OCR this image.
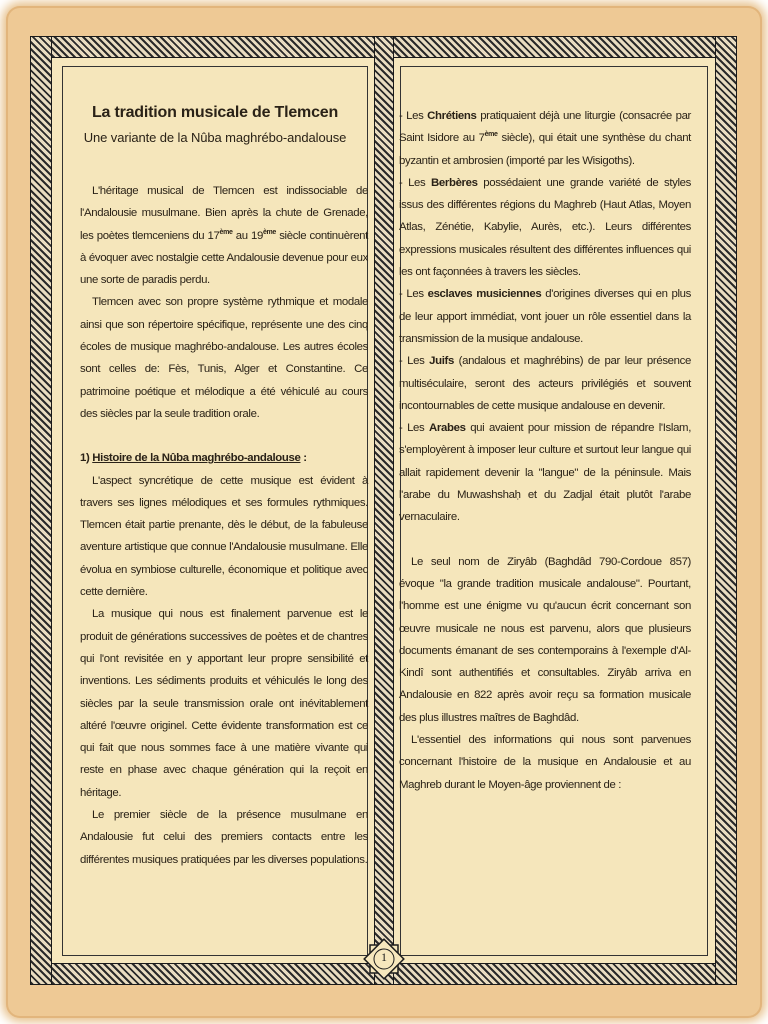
La tradition musicale de Tlemcen
Une variante de la Nûba maghrébo-andalouse

L'héritage musical de Tlemcen est indissociable de l'Andalousie musulmane. Bien après la chute de Grenade, les poètes tlemceniens du 17ème au 19ème siècle continuèrent à évoquer avec nostalgie cette Andalousie devenue pour eux une sorte de paradis perdu.

Tlemcen avec son propre système rythmique et modale ainsi que son répertoire spécifique, représente une des cinq écoles de musique maghrébo-andalouse. Les autres écoles sont celles de: Fès, Tunis, Alger et Constantine. Ce patrimoine poétique et mélodique a été véhiculé au cours des siècles par la seule tradition orale.

1) Histoire de la Nûba maghrébo-andalouse :

L'aspect syncrétique de cette musique est évident à travers ses lignes mélodiques et ses formules rythmiques. Tlemcen était partie prenante, dès le début, de la fabuleuse aventure artistique que connue l'Andalousie musulmane. Elle évolua en symbiose culturelle, économique et politique avec cette dernière.

La musique qui nous est finalement parvenue est le produit de générations successives de poètes et de chantres qui l'ont revisitée en y apportant leur propre sensibilité et inventions. Les sédiments produits et véhiculés le long des siècles par la seule transmission orale ont inévitablement altéré l'œuvre originel. Cette évidente transformation est ce qui fait que nous sommes face à une matière vivante qui reste en phase avec chaque génération qui la reçoit en héritage.

Le premier siècle de la présence musulmane en Andalousie fut celui des premiers contacts entre les différentes musiques pratiquées par les diverses populations.

- Les Chrétiens pratiquaient déjà une liturgie (consacrée par Saint Isidore au 7ème siècle), qui était une synthèse du chant byzantin et ambrosien (importé par les Wisigoths).

- Les Berbères possédaient une grande variété de styles issus des différentes régions du Maghreb (Haut Atlas, Moyen Atlas, Zénétie, Kabylie, Aurès, etc.). Leurs différentes expressions musicales résultent des différentes influences qui les ont façonnées à travers les siècles.

- Les esclaves musiciennes d'origines diverses qui en plus de leur apport immédiat, vont jouer un rôle essentiel dans la transmission de la musique andalouse.

- Les Juifs (andalous et maghrébins) de par leur présence multiséculaire, seront des acteurs privilégiés et souvent incontournables de cette musique andalouse en devenir.

- Les Arabes qui avaient pour mission de répandre l'Islam, s'employèrent à imposer leur culture et surtout leur langue qui allait rapidement devenir la "langue" de la péninsule. Mais l'arabe du Muwashshaḥ et du Zadjal était plutôt l'arabe vernaculaire.

Le seul nom de Ziryâb (Baghdâd 790-Cordoue 857) évoque "la grande tradition musicale andalouse". Pourtant, l'homme est une énigme vu qu'aucun écrit concernant son œuvre musicale ne nous est parvenu, alors que plusieurs documents émanant de ses contemporains à l'exemple d'Al-Kindî sont authentifiés et consultables. Ziryâb arriva en Andalousie en 822 après avoir reçu sa formation musicale des plus illustres maîtres de Baghdâd.

L'essentiel des informations qui nous sont parvenues concernant l'histoire de la musique en Andalousie et au Maghreb durant le Moyen-âge proviennent de :

1
